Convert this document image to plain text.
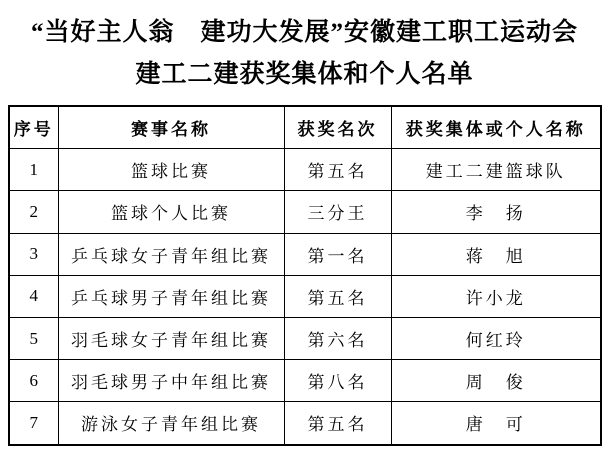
“当好主人翁　建功大发展”安徽建工职工运动会
建工二建获奖集体和个人名单
序号	赛事名称	获奖名次	获奖集体或个人名称
1	篮球比赛	第五名	建工二建篮球队
2	篮球个人比赛	三分王	李　扬
3	乒乓球女子青年组比赛	第一名	蒋　旭
4	乒乓球男子青年组比赛	第五名	许小龙
5	羽毛球女子青年组比赛	第六名	何红玲
6	羽毛球男子中年组比赛	第八名	周　俊
7	游泳女子青年组比赛	第五名	唐　可
